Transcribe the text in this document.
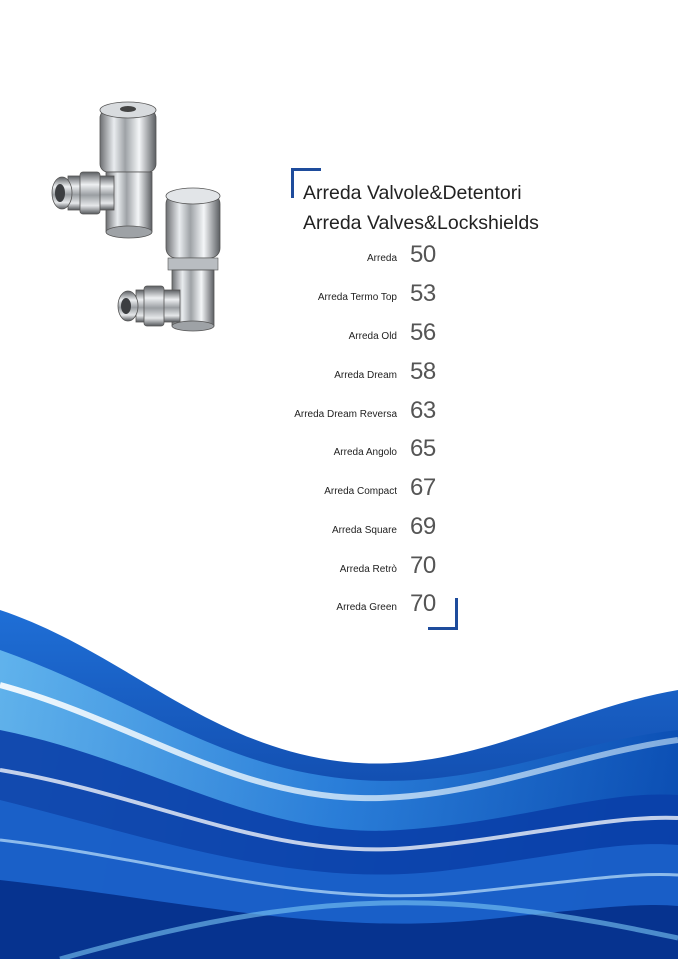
Arreda Valvole&Detentori
Arreda Valves&Lockshields
Arreda 50
Arreda Termo Top 53
Arreda Old 56
Arreda Dream 58
Arreda Dream Reversa 63
Arreda Angolo 65
Arreda Compact 67
Arreda Square 69
Arreda Retrò 70
Arreda Green 70
